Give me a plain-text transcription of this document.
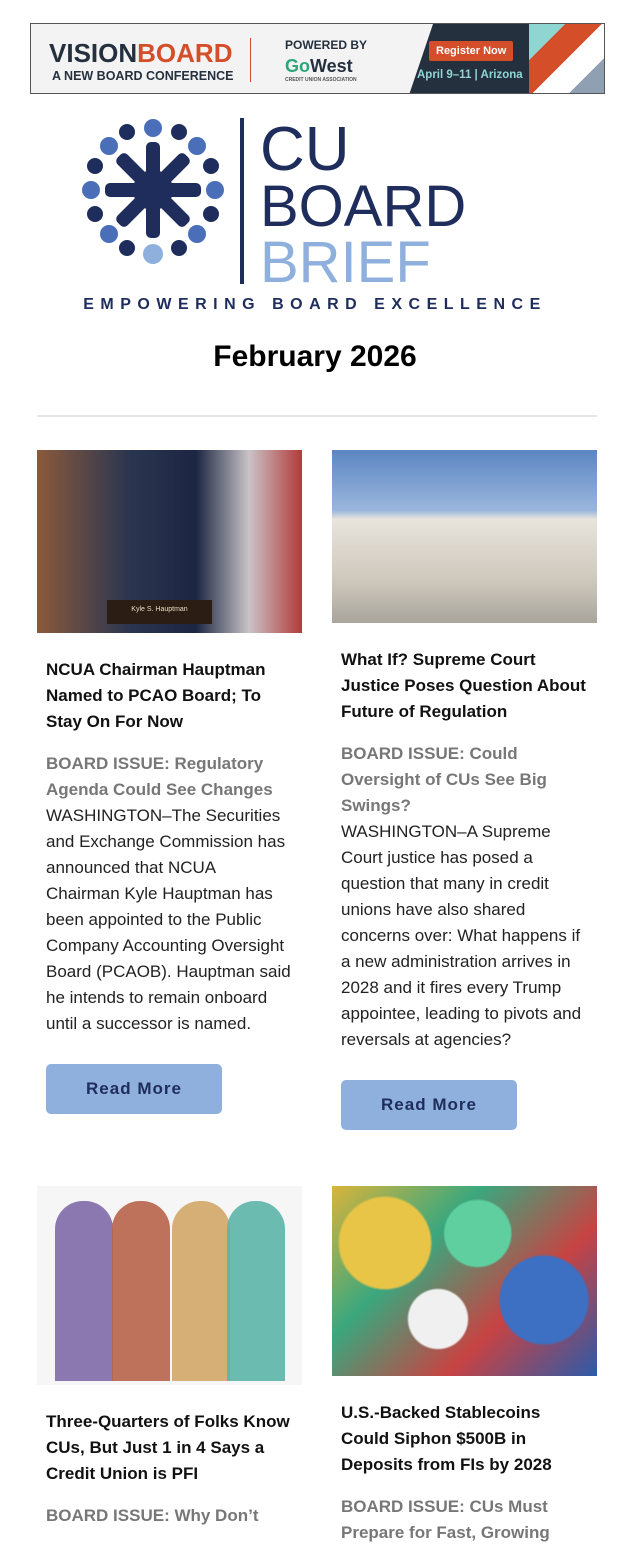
VISIONBOARD
A NEW BOARD CONFERENCE
POWERED BY
GoWest
CREDIT UNION ASSOCIATION
Register Now
April 9–11 | Arizona
CU
BOARD
BRIEF
EMPOWERING BOARD EXCELLENCE
February 2026
Kyle S. Hauptman
NCUA Chairman Hauptman Named to PCAO Board; To Stay On For Now
BOARD ISSUE: Regulatory Agenda Could See Changes
WASHINGTON–The Securities and Exchange Commission has announced that NCUA Chairman Kyle Hauptman has been appointed to the Public Company Accounting Oversight Board (PCAOB). Hauptman said he intends to remain onboard until a successor is named.
Read More
What If? Supreme Court Justice Poses Question About Future of Regulation
BOARD ISSUE: Could Oversight of CUs See Big Swings?
WASHINGTON–A Supreme Court justice has posed a question that many in credit unions have also shared concerns over: What happens if a new administration arrives in 2028 and it fires every Trump appointee, leading to pivots and reversals at agencies?
Read More
Three-Quarters of Folks Know CUs, But Just 1 in 4 Says a Credit Union is PFI
BOARD ISSUE: Why Don’t
U.S.-Backed Stablecoins Could Siphon $500B in Deposits from FIs by 2028
BOARD ISSUE: CUs Must Prepare for Fast, Growing
